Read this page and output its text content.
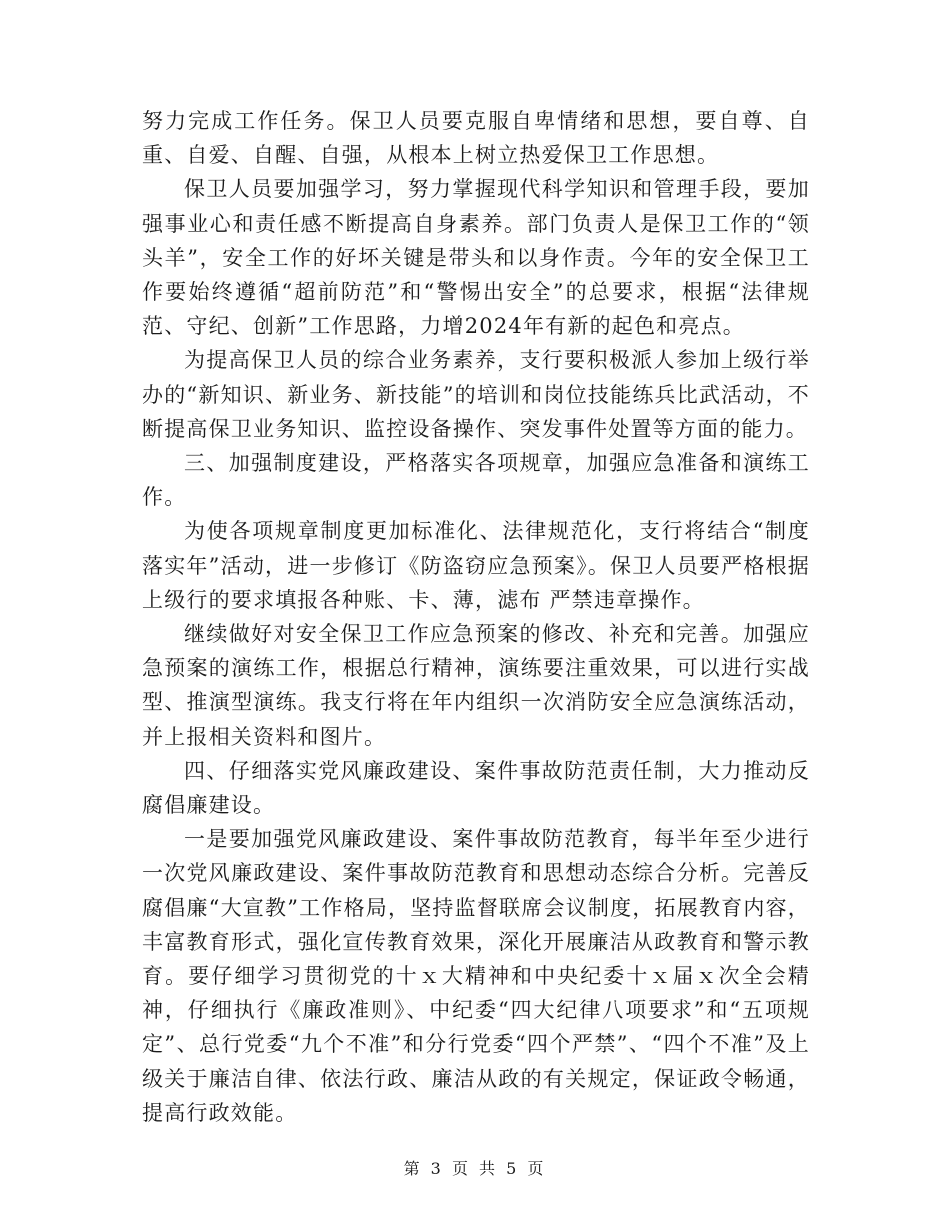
努力完成工作任务。保卫人员要克服自卑情绪和思想，要自尊、自重、自爱、自醒、自强，从根本上树立热爱保卫工作思想。

保卫人员要加强学习，努力掌握现代科学知识和管理手段，要加强事业心和责任感不断提高自身素养。部门负责人是保卫工作的“领头羊”，安全工作的好坏关键是带头和以身作责。今年的安全保卫工作要始终遵循“超前防范”和“警惕出安全”的总要求，根据“法律规范、守纪、创新”工作思路，力增2024年有新的起色和亮点。

为提高保卫人员的综合业务素养，支行要积极派人参加上级行举办的“新知识、新业务、新技能”的培训和岗位技能练兵比武活动，不断提高保卫业务知识、监控设备操作、突发事件处置等方面的能力。

三、加强制度建设，严格落实各项规章，加强应急准备和演练工作。

为使各项规章制度更加标准化、法律规范化，支行将结合“制度落实年”活动，进一步修订《防盗窃应急预案》。保卫人员要严格根据上级行的要求填报各种账、卡、薄，滤布 严禁违章操作。

继续做好对安全保卫工作应急预案的修改、补充和完善。加强应急预案的演练工作，根据总行精神，演练要注重效果，可以进行实战型、推演型演练。我支行将在年内组织一次消防安全应急演练活动，并上报相关资料和图片。

四、仔细落实党风廉政建设、案件事故防范责任制，大力推动反腐倡廉建设。

一是要加强党风廉政建设、案件事故防范教育，每半年至少进行一次党风廉政建设、案件事故防范教育和思想动态综合分析。完善反腐倡廉“大宣教”工作格局，坚持监督联席会议制度，拓展教育内容，丰富教育形式，强化宣传教育效果，深化开展廉洁从政教育和警示教育。要仔细学习贯彻党的十ｘ大精神和中央纪委十ｘ届ｘ次全会精神，仔细执行《廉政准则》、中纪委“四大纪律八项要求”和“五项规定”、总行党委“九个不准”和分行党委“四个严禁”、“四个不准”及上级关于廉洁自律、依法行政、廉洁从政的有关规定，保证政令畅通，提高行政效能。

第 3 页 共 5 页
